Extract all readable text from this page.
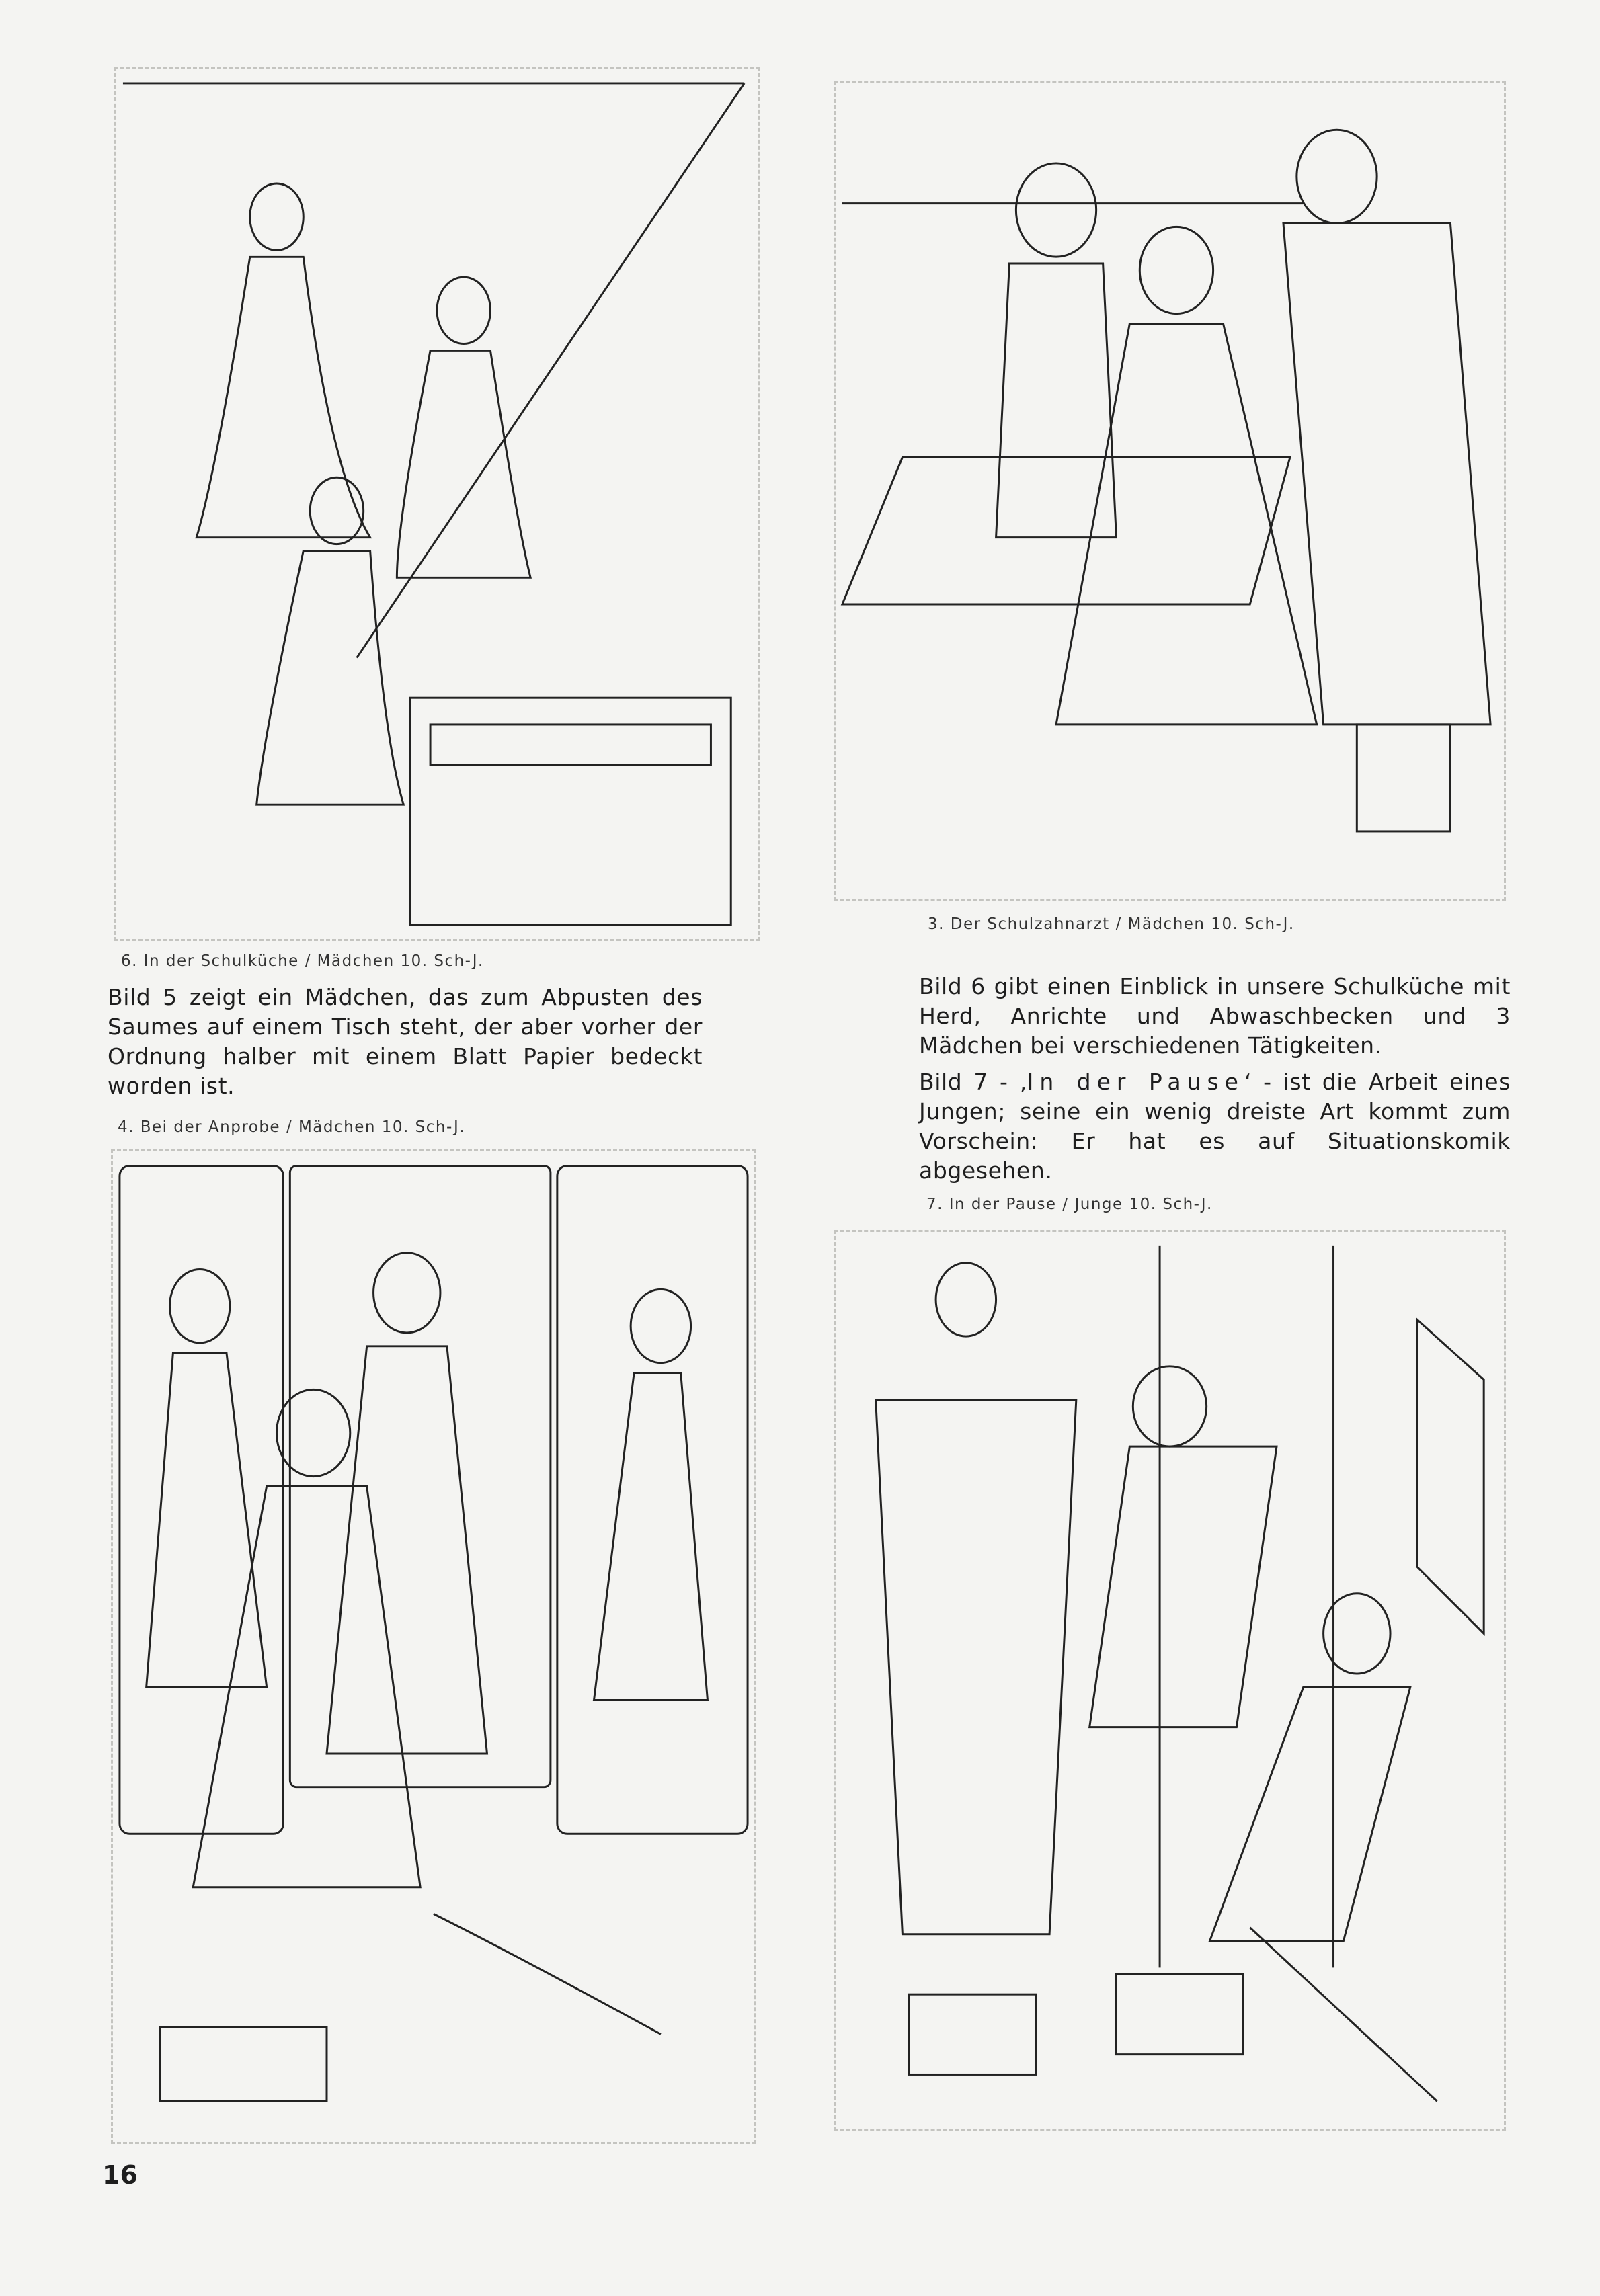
6. In der Schulküche / Mädchen 10. Sch-J.
3. Der Schulzahnarzt / Mädchen 10. Sch-J.

Bild 5 zeigt ein Mädchen, das zum Abpusten des Saumes auf einem Tisch steht, der aber vorher der Ordnung halber mit einem Blatt Papier bedeckt worden ist.

Bild 6 gibt einen Einblick in unsere Schulküche mit Herd, Anrichte und Abwaschbecken und 3 Mädchen bei verschiedenen Tätigkeiten.

Bild 7 - ‚In der Pause‘ - ist die Arbeit eines Jungen; seine ein wenig dreiste Art kommt zum Vorschein: Er hat es auf Situationskomik abgesehen.

4. Bei der Anprobe / Mädchen 10. Sch-J.
7. In der Pause / Junge 10. Sch-J.
16
